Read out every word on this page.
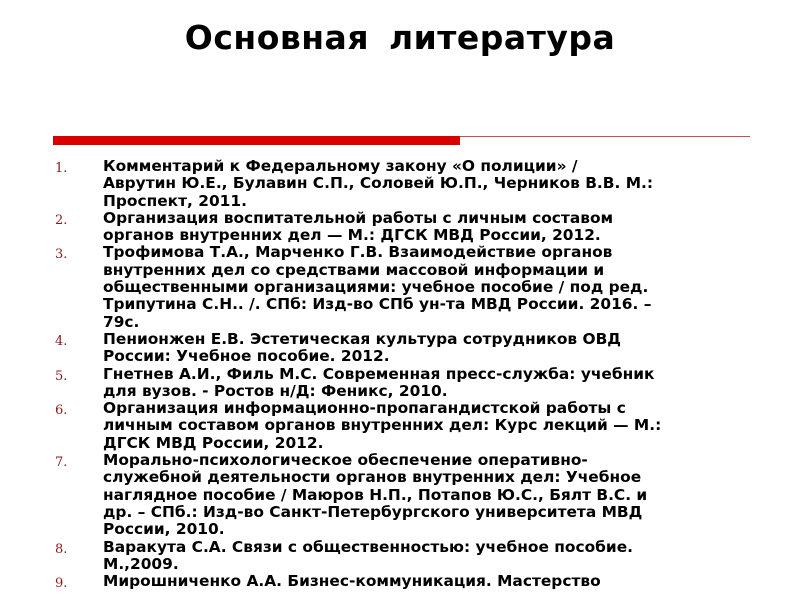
Основная литература
1. Комментарий к Федеральному закону «О полиции» /
Аврутин Ю.Е., Булавин С.П., Соловей Ю.П., Черников В.В. М.:
Проспект, 2011.
2. Организация воспитательной работы с личным составом
органов внутренних дел — М.: ДГСК МВД России, 2012.
3. Трофимова Т.А., Марченко Г.В. Взаимодействие органов
внутренних дел со средствами массовой информации и
общественными организациями: учебное пособие / под ред.
Трипутина С.Н.. /. СПб: Изд-во СПб ун-та МВД России. 2016. –
79с.
4. Пенионжен Е.В. Эстетическая культура сотрудников ОВД
России: Учебное пособие. 2012.
5. Гнетнев А.И., Филь М.С. Современная пресс-служба: учебник
для вузов. - Ростов н/Д: Феникс, 2010.
6. Организация информационно-пропагандистской работы с
личным составом органов внутренних дел: Курс лекций — М.:
ДГСК МВД России, 2012.
7. Морально-психологическое обеспечение оперативно-
служебной деятельности органов внутренних дел: Учебное
наглядное пособие / Маюров Н.П., Потапов Ю.С., Бялт В.С. и
др. – СПб.: Изд-во Санкт-Петербургского университета МВД
России, 2010.
8. Варакута С.А. Связи с общественностью: учебное пособие.
М.,2009.
9. Мирошниченко А.А. Бизнес-коммуникация. Мастерство
